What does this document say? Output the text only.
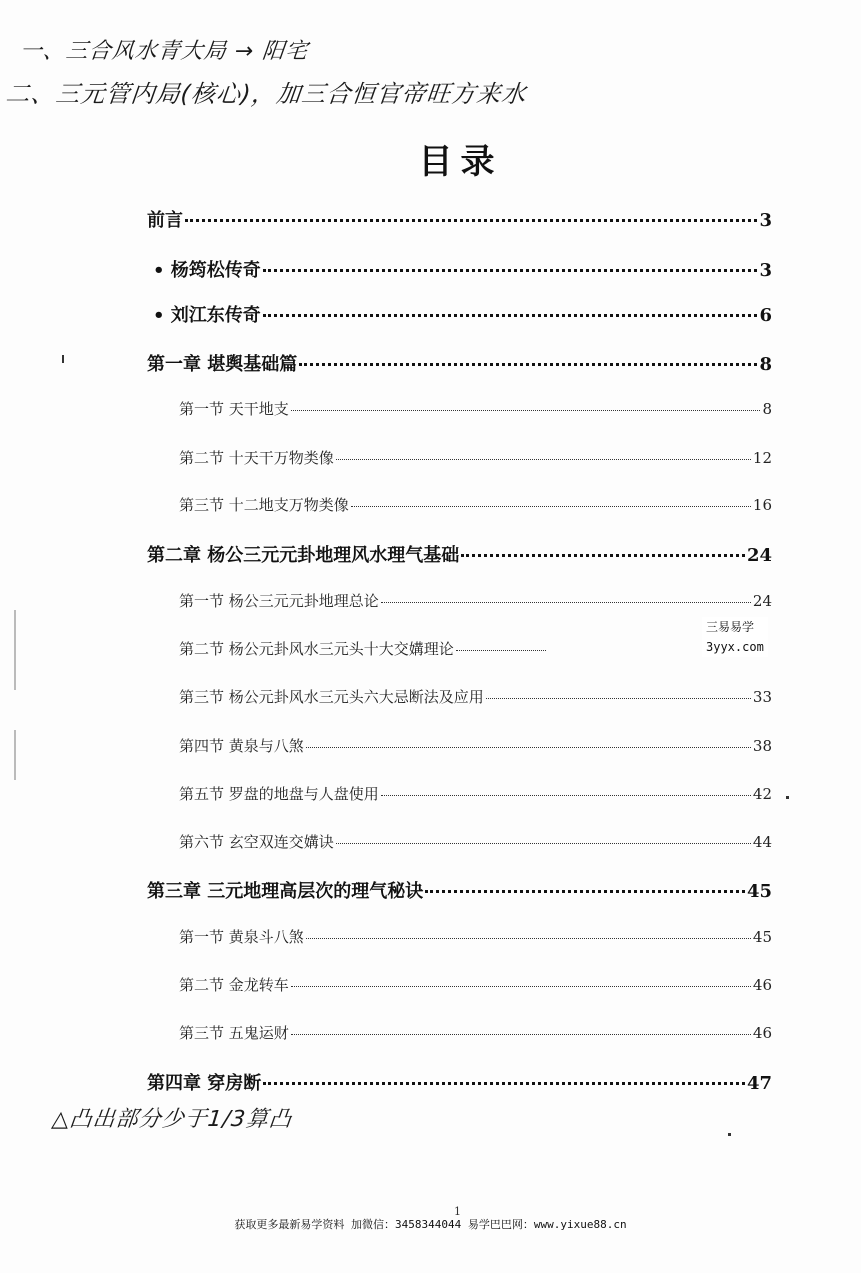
一、三合风水青大局 → 阳宅
二、三元管内局(核心)，加三合恒官帝旺方来水
目录
前言	3
• 杨筠松传奇	3
• 刘江东传奇	6
第一章 堪舆基础篇	8
第一节 天干地支	8
第二节 十天干万物类像	12
第三节 十二地支万物类像	16
第二章 杨公三元元卦地理风水理气基础	24
第一节 杨公三元元卦地理总论	24
第二节 杨公元卦风水三元头十大交媾理论
第三节 杨公元卦风水三元头六大忌断法及应用	33
第四节 黄泉与八煞	38
第五节 罗盘的地盘与人盘使用	42
第六节 玄空双连交媾诀	44
第三章 三元地理高层次的理气秘诀	45
第一节 黄泉斗八煞	45
第二节 金龙转车	46
第三节 五鬼运财	46
第四章 穿房断	47
三易易学
3yyx.com
△凸出部分少于1/3算凸
1
获取更多最新易学资料 加微信：3458344044 易学巴巴网：www.yixue88.cn
